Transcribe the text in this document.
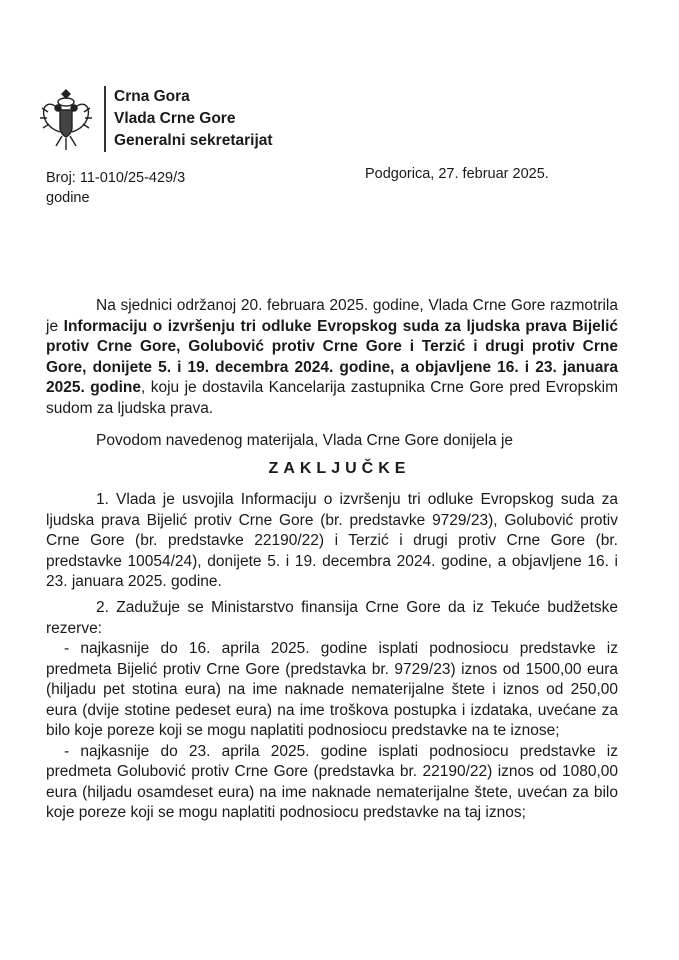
Crna Gora
Vlada Crne Gore
Generalni sekretarijat
Broj: 11-010/25-429/3
godine
Podgorica, 27. februar 2025.
Na sjednici održanoj 20. februara 2025. godine, Vlada Crne Gore razmotrila je Informaciju o izvršenju tri odluke Evropskog suda za ljudska prava Bijelić protiv Crne Gore, Golubović protiv Crne Gore i Terzić i drugi protiv Crne Gore, donijete 5. i 19. decembra 2024. godine, a objavljene 16. i 23. januara 2025. godine, koju je dostavila Kancelarija zastupnika Crne Gore pred Evropskim sudom za ljudska prava.
Povodom navedenog materijala, Vlada Crne Gore donijela je
ZAKLJUČKE
1. Vlada je usvojila Informaciju o izvršenju tri odluke Evropskog suda za ljudska prava Bijelić protiv Crne Gore (br. predstavke 9729/23), Golubović protiv Crne Gore (br. predstavke 22190/22) i Terzić i drugi protiv Crne Gore (br. predstavke 10054/24), donijete 5. i 19. decembra 2024. godine, a objavljene 16. i 23. januara 2025. godine.
2. Zadužuje se Ministarstvo finansija Crne Gore da iz Tekuće budžetske rezerve:
- najkasnije do 16. aprila 2025. godine isplati podnosiocu predstavke iz predmeta Bijelić protiv Crne Gore (predstavka br. 9729/23) iznos od 1500,00 eura (hiljadu pet stotina eura) na ime naknade nematerijalne štete i iznos od 250,00 eura (dvije stotine pedeset eura) na ime troškova postupka i izdataka, uvećane za bilo koje poreze koji se mogu naplatiti podnosiocu predstavke na te iznose;
- najkasnije do 23. aprila 2025. godine isplati podnosiocu predstavke iz predmeta Golubović protiv Crne Gore (predstavka br. 22190/22) iznos od 1080,00 eura (hiljadu osamdeset eura) na ime naknade nematerijalne štete, uvećan za bilo koje poreze koji se mogu naplatiti podnosiocu predstavke na taj iznos;
